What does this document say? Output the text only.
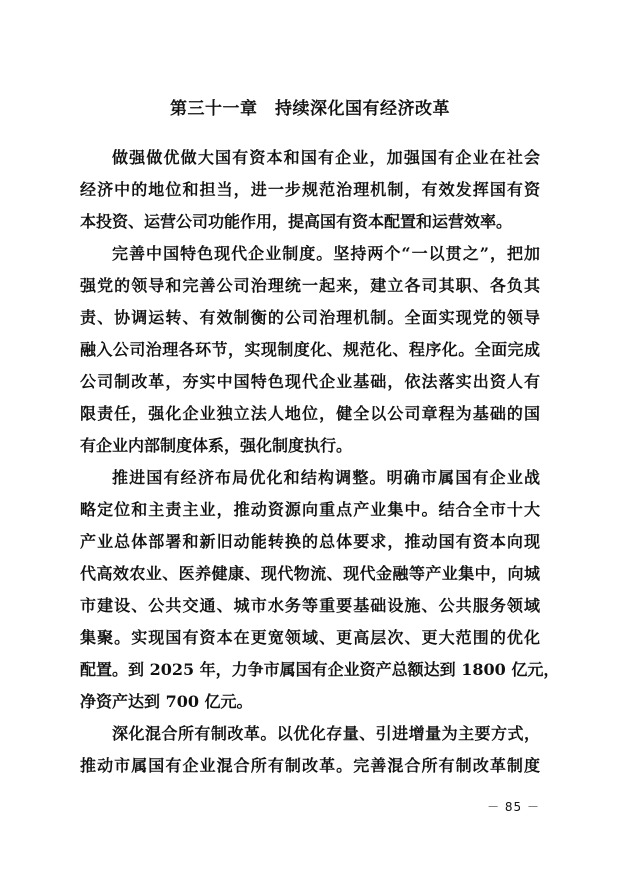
第三十一章　持续深化国有经济改革
做强做优做大国有资本和国有企业，加强国有企业在社会
经济中的地位和担当，进一步规范治理机制，有效发挥国有资
本投资、运营公司功能作用，提高国有资本配置和运营效率。
完善中国特色现代企业制度。坚持两个“一以贯之”，把加
强党的领导和完善公司治理统一起来，建立各司其职、各负其
责、协调运转、有效制衡的公司治理机制。全面实现党的领导
融入公司治理各环节，实现制度化、规范化、程序化。全面完成
公司制改革，夯实中国特色现代企业基础，依法落实出资人有
限责任，强化企业独立法人地位，健全以公司章程为基础的国
有企业内部制度体系，强化制度执行。
推进国有经济布局优化和结构调整。明确市属国有企业战
略定位和主责主业，推动资源向重点产业集中。结合全市十大
产业总体部署和新旧动能转换的总体要求，推动国有资本向现
代高效农业、医养健康、现代物流、现代金融等产业集中，向城
市建设、公共交通、城市水务等重要基础设施、公共服务领域
集聚。实现国有资本在更宽领域、更高层次、更大范围的优化
配置。到 2025 年，力争市属国有企业资产总额达到 1800 亿元，
净资产达到 700 亿元。
深化混合所有制改革。以优化存量、引进增量为主要方式，
推动市属国有企业混合所有制改革。完善混合所有制改革制度
－ 85 －
